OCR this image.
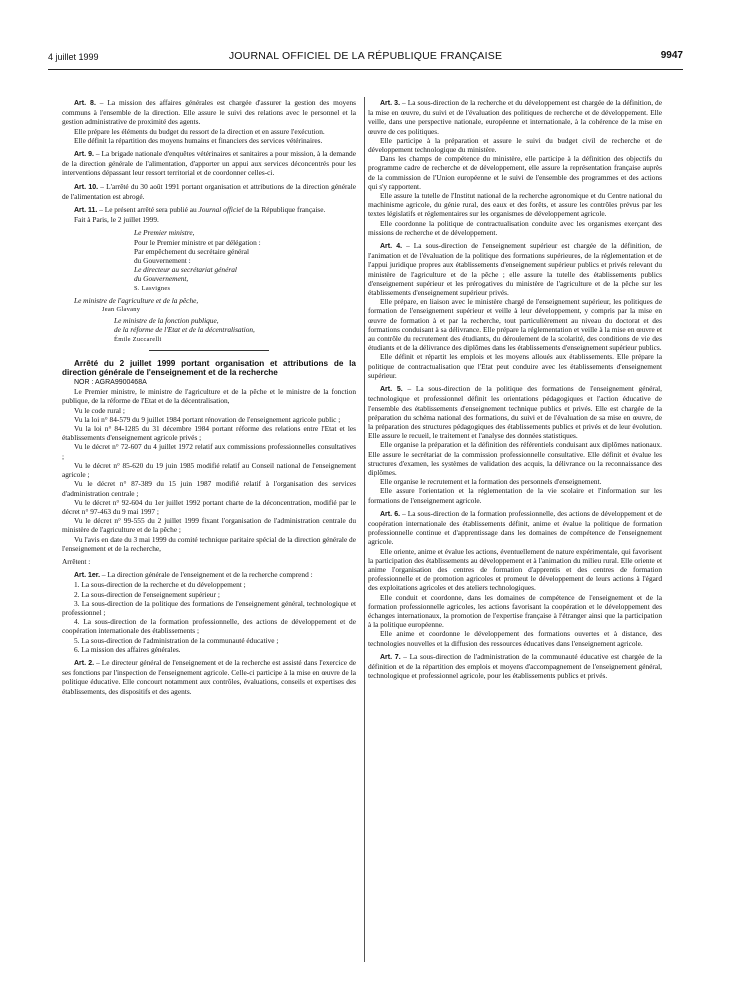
4 juillet 1999	JOURNAL OFFICIEL DE LA RÉPUBLIQUE FRANÇAISE	9947

Art. 8. – La mission des affaires générales est chargée d'assurer la gestion des moyens communs à l'ensemble de la direction. Elle assure le suivi des relations avec le personnel et la gestion administrative de proximité des agents.

Elle prépare les éléments du budget du ressort de la direction et en assure l'exécution.

Elle définit la répartition des moyens humains et financiers des services vétérinaires.

Art. 9. – La brigade nationale d'enquêtes vétérinaires et sanitaires a pour mission, à la demande de la direction générale de l'alimentation, d'apporter un appui aux services déconcentrés pour les interventions dépassant leur ressort territorial et de coordonner celles-ci.

Art. 10. – L'arrêté du 30 août 1991 portant organisation et attributions de la direction générale de l'alimentation est abrogé.

Art. 11. – Le présent arrêté sera publié au Journal officiel de la République française.

Fait à Paris, le 2 juillet 1999.

Le Premier ministre,

Pour le Premier ministre et par délégation :

Par empêchement du secrétaire général

du Gouvernement :

Le directeur au secrétariat général

du Gouvernement,

S. Lasvignes

Le ministre de l'agriculture et de la pêche,

Jean Glavany

Le ministre de la fonction publique,

de la réforme de l'Etat et de la décentralisation,

Émile Zuccarelli

Arrêté du 2 juillet 1999 portant organisation et attributions de la direction générale de l'enseignement et de la recherche

NOR : AGRA9900468A

Le Premier ministre, le ministre de l'agriculture et de la pêche et le ministre de la fonction publique, de la réforme de l'Etat et de la décentralisation,

Vu le code rural ;

Vu la loi n° 84-579 du 9 juillet 1984 portant rénovation de l'enseignement agricole public ;

Vu la loi n° 84-1285 du 31 décembre 1984 portant réforme des relations entre l'Etat et les établissements d'enseignement agricole privés ;

Vu le décret n° 72-607 du 4 juillet 1972 relatif aux commissions professionnelles consultatives ;

Vu le décret n° 85-620 du 19 juin 1985 modifié relatif au Conseil national de l'enseignement agricole ;

Vu le décret n° 87-389 du 15 juin 1987 modifié relatif à l'organisation des services d'administration centrale ;

Vu le décret n° 92-604 du 1er juillet 1992 portant charte de la déconcentration, modifié par le décret n° 97-463 du 9 mai 1997 ;

Vu le décret n° 99-555 du 2 juillet 1999 fixant l'organisation de l'administration centrale du ministère de l'agriculture et de la pêche ;

Vu l'avis en date du 3 mai 1999 du comité technique paritaire spécial de la direction générale de l'enseignement et de la recherche,

Arrêtent :

Art. 1er. – La direction générale de l'enseignement et de la recherche comprend :

1. La sous-direction de la recherche et du développement ;

2. La sous-direction de l'enseignement supérieur ;

3. La sous-direction de la politique des formations de l'enseignement général, technologique et professionnel ;

4. La sous-direction de la formation professionnelle, des actions de développement et de coopération internationale des établissements ;

5. La sous-direction de l'administration de la communauté éducative ;

6. La mission des affaires générales.

Art. 2. – Le directeur général de l'enseignement et de la recherche est assisté dans l'exercice de ses fonctions par l'inspection de l'enseignement agricole. Celle-ci participe à la mise en œuvre de la politique éducative. Elle concourt notamment aux contrôles, évaluations, conseils et expertises des établissements, des dispositifs et des agents.

Art. 3. – La sous-direction de la recherche et du développement est chargée de la définition, de la mise en œuvre, du suivi et de l'évaluation des politiques de recherche et de développement. Elle veille, dans une perspective nationale, européenne et internationale, à la cohérence de la mise en œuvre de ces politiques.

Elle participe à la préparation et assure le suivi du budget civil de recherche et de développement technologique du ministère.

Dans les champs de compétence du ministère, elle participe à la définition des objectifs du programme cadre de recherche et de développement, elle assure la représentation française auprès de la commission de l'Union européenne et le suivi de l'ensemble des programmes et des actions qui s'y rapportent.

Elle assure la tutelle de l'Institut national de la recherche agronomique et du Centre national du machinisme agricole, du génie rural, des eaux et des forêts, et assure les contrôles prévus par les textes législatifs et réglementaires sur les organismes de développement agricole.

Elle coordonne la politique de contractualisation conduite avec les organismes exerçant des missions de recherche et de développement.

Art. 4. – La sous-direction de l'enseignement supérieur est chargée de la définition, de l'animation et de l'évaluation de la politique des formations supérieures, de la réglementation et de l'appui juridique propres aux établissements d'enseignement supérieur publics et privés relevant du ministère de l'agriculture et de la pêche ; elle assure la tutelle des établissements publics d'enseignement supérieur et les prérogatives du ministère de l'agriculture et de la pêche sur les établissements d'enseignement supérieur privés.

Elle prépare, en liaison avec le ministère chargé de l'enseignement supérieur, les politiques de formation de l'enseignement supérieur et veille à leur développement, y compris par la mise en œuvre de formation à et par la recherche, tout particulièrement au niveau du doctorat et des formations conduisant à sa délivrance. Elle prépare la réglementation et veille à la mise en œuvre et au contrôle du recrutement des étudiants, du déroulement de la scolarité, des conditions de vie des étudiants et de la délivrance des diplômes dans les établissements d'enseignement supérieur publics.

Elle définit et répartit les emplois et les moyens alloués aux établissements. Elle prépare la politique de contractualisation que l'Etat peut conduire avec les établissements d'enseignement supérieur.

Art. 5. – La sous-direction de la politique des formations de l'enseignement général, technologique et professionnel définit les orientations pédagogiques et l'action éducative de l'ensemble des établissements d'enseignement technique publics et privés. Elle est chargée de la préparation du schéma national des formations, du suivi et de l'évaluation de sa mise en œuvre, de la préparation des structures pédagogiques des établissements publics et privés et de leur évolution. Elle assure le recueil, le traitement et l'analyse des données statistiques.

Elle organise la préparation et la définition des référentiels conduisant aux diplômes nationaux. Elle assure le secrétariat de la commission professionnelle consultative. Elle définit et évalue les structures d'examen, les systèmes de validation des acquis, la délivrance ou la reconnaissance des diplômes.

Elle organise le recrutement et la formation des personnels d'enseignement.

Elle assure l'orientation et la réglementation de la vie scolaire et l'information sur les formations de l'enseignement agricole.

Art. 6. – La sous-direction de la formation professionnelle, des actions de développement et de coopération internationale des établissements définit, anime et évalue la politique de formation professionnelle continue et d'apprentissage dans les domaines de compétence de l'enseignement agricole.

Elle oriente, anime et évalue les actions, éventuellement de nature expérimentale, qui favorisent la participation des établissements au développement et à l'animation du milieu rural. Elle oriente et anime l'organisation des centres de formation d'apprentis et des centres de formation professionnelle et de promotion agricoles et promeut le développement de leurs actions à l'égard des exploitations agricoles et des ateliers technologiques.

Elle conduit et coordonne, dans les domaines de compétence de l'enseignement et de la formation professionnelle agricoles, les actions favorisant la coopération et le développement des échanges internationaux, la promotion de l'expertise française à l'étranger ainsi que la participation à la politique européenne.

Elle anime et coordonne le développement des formations ouvertes et à distance, des technologies nouvelles et la diffusion des ressources éducatives dans l'enseignement agricole.

Art. 7. – La sous-direction de l'administration de la communauté éducative est chargée de la définition et de la répartition des emplois et moyens d'accompagnement de l'enseignement général, technologique et professionnel agricole, pour les établissements publics et privés.
